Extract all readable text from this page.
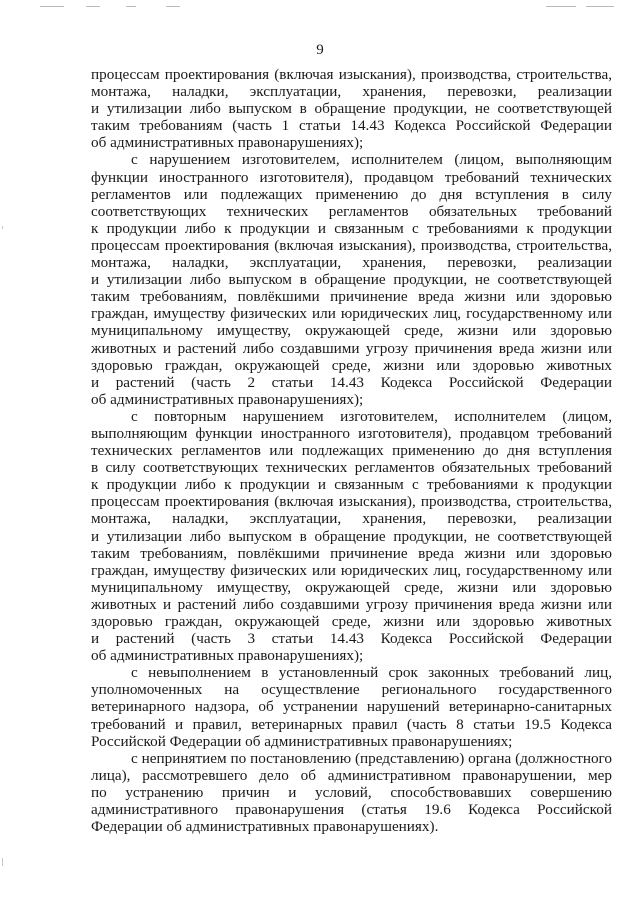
9
процессам проектирования (включая изыскания), производства, строительства,
монтажа, наладки, эксплуатации, хранения, перевозки, реализации
и утилизации либо выпуском в обращение продукции, не соответствующей
таким требованиям (часть 1 статьи 14.43 Кодекса Российской Федерации
об административных правонарушениях);
с нарушением изготовителем, исполнителем (лицом, выполняющим
функции иностранного изготовителя), продавцом требований технических
регламентов или подлежащих применению до дня вступления в силу
соответствующих технических регламентов обязательных требований
к продукции либо к продукции и связанным с требованиями к продукции
процессам проектирования (включая изыскания), производства, строительства,
монтажа, наладки, эксплуатации, хранения, перевозки, реализации
и утилизации либо выпуском в обращение продукции, не соответствующей
таким требованиям, повлёкшими причинение вреда жизни или здоровью
граждан, имуществу физических или юридических лиц, государственному или
муниципальному имуществу, окружающей среде, жизни или здоровью
животных и растений либо создавшими угрозу причинения вреда жизни или
здоровью граждан, окружающей среде, жизни или здоровью животных
и растений (часть 2 статьи 14.43 Кодекса Российской Федерации
об административных правонарушениях);
с повторным нарушением изготовителем, исполнителем (лицом,
выполняющим функции иностранного изготовителя), продавцом требований
технических регламентов или подлежащих применению до дня вступления
в силу соответствующих технических регламентов обязательных требований
к продукции либо к продукции и связанным с требованиями к продукции
процессам проектирования (включая изыскания), производства, строительства,
монтажа, наладки, эксплуатации, хранения, перевозки, реализации
и утилизации либо выпуском в обращение продукции, не соответствующей
таким требованиям, повлёкшими причинение вреда жизни или здоровью
граждан, имуществу физических или юридических лиц, государственному или
муниципальному имуществу, окружающей среде, жизни или здоровью
животных и растений либо создавшими угрозу причинения вреда жизни или
здоровью граждан, окружающей среде, жизни или здоровью животных
и растений (часть 3 статьи 14.43 Кодекса Российской Федерации
об административных правонарушениях);
с невыполнением в установленный срок законных требований лиц,
уполномоченных на осуществление регионального государственного
ветеринарного надзора, об устранении нарушений ветеринарно-санитарных
требований и правил, ветеринарных правил (часть 8 статьи 19.5 Кодекса
Российской Федерации об административных правонарушениях;
с непринятием по постановлению (представлению) органа (должностного
лица), рассмотревшего дело об административном правонарушении, мер
по устранению причин и условий, способствовавших совершению
административного правонарушения (статья 19.6 Кодекса Российской
Федерации об административных правонарушениях).
